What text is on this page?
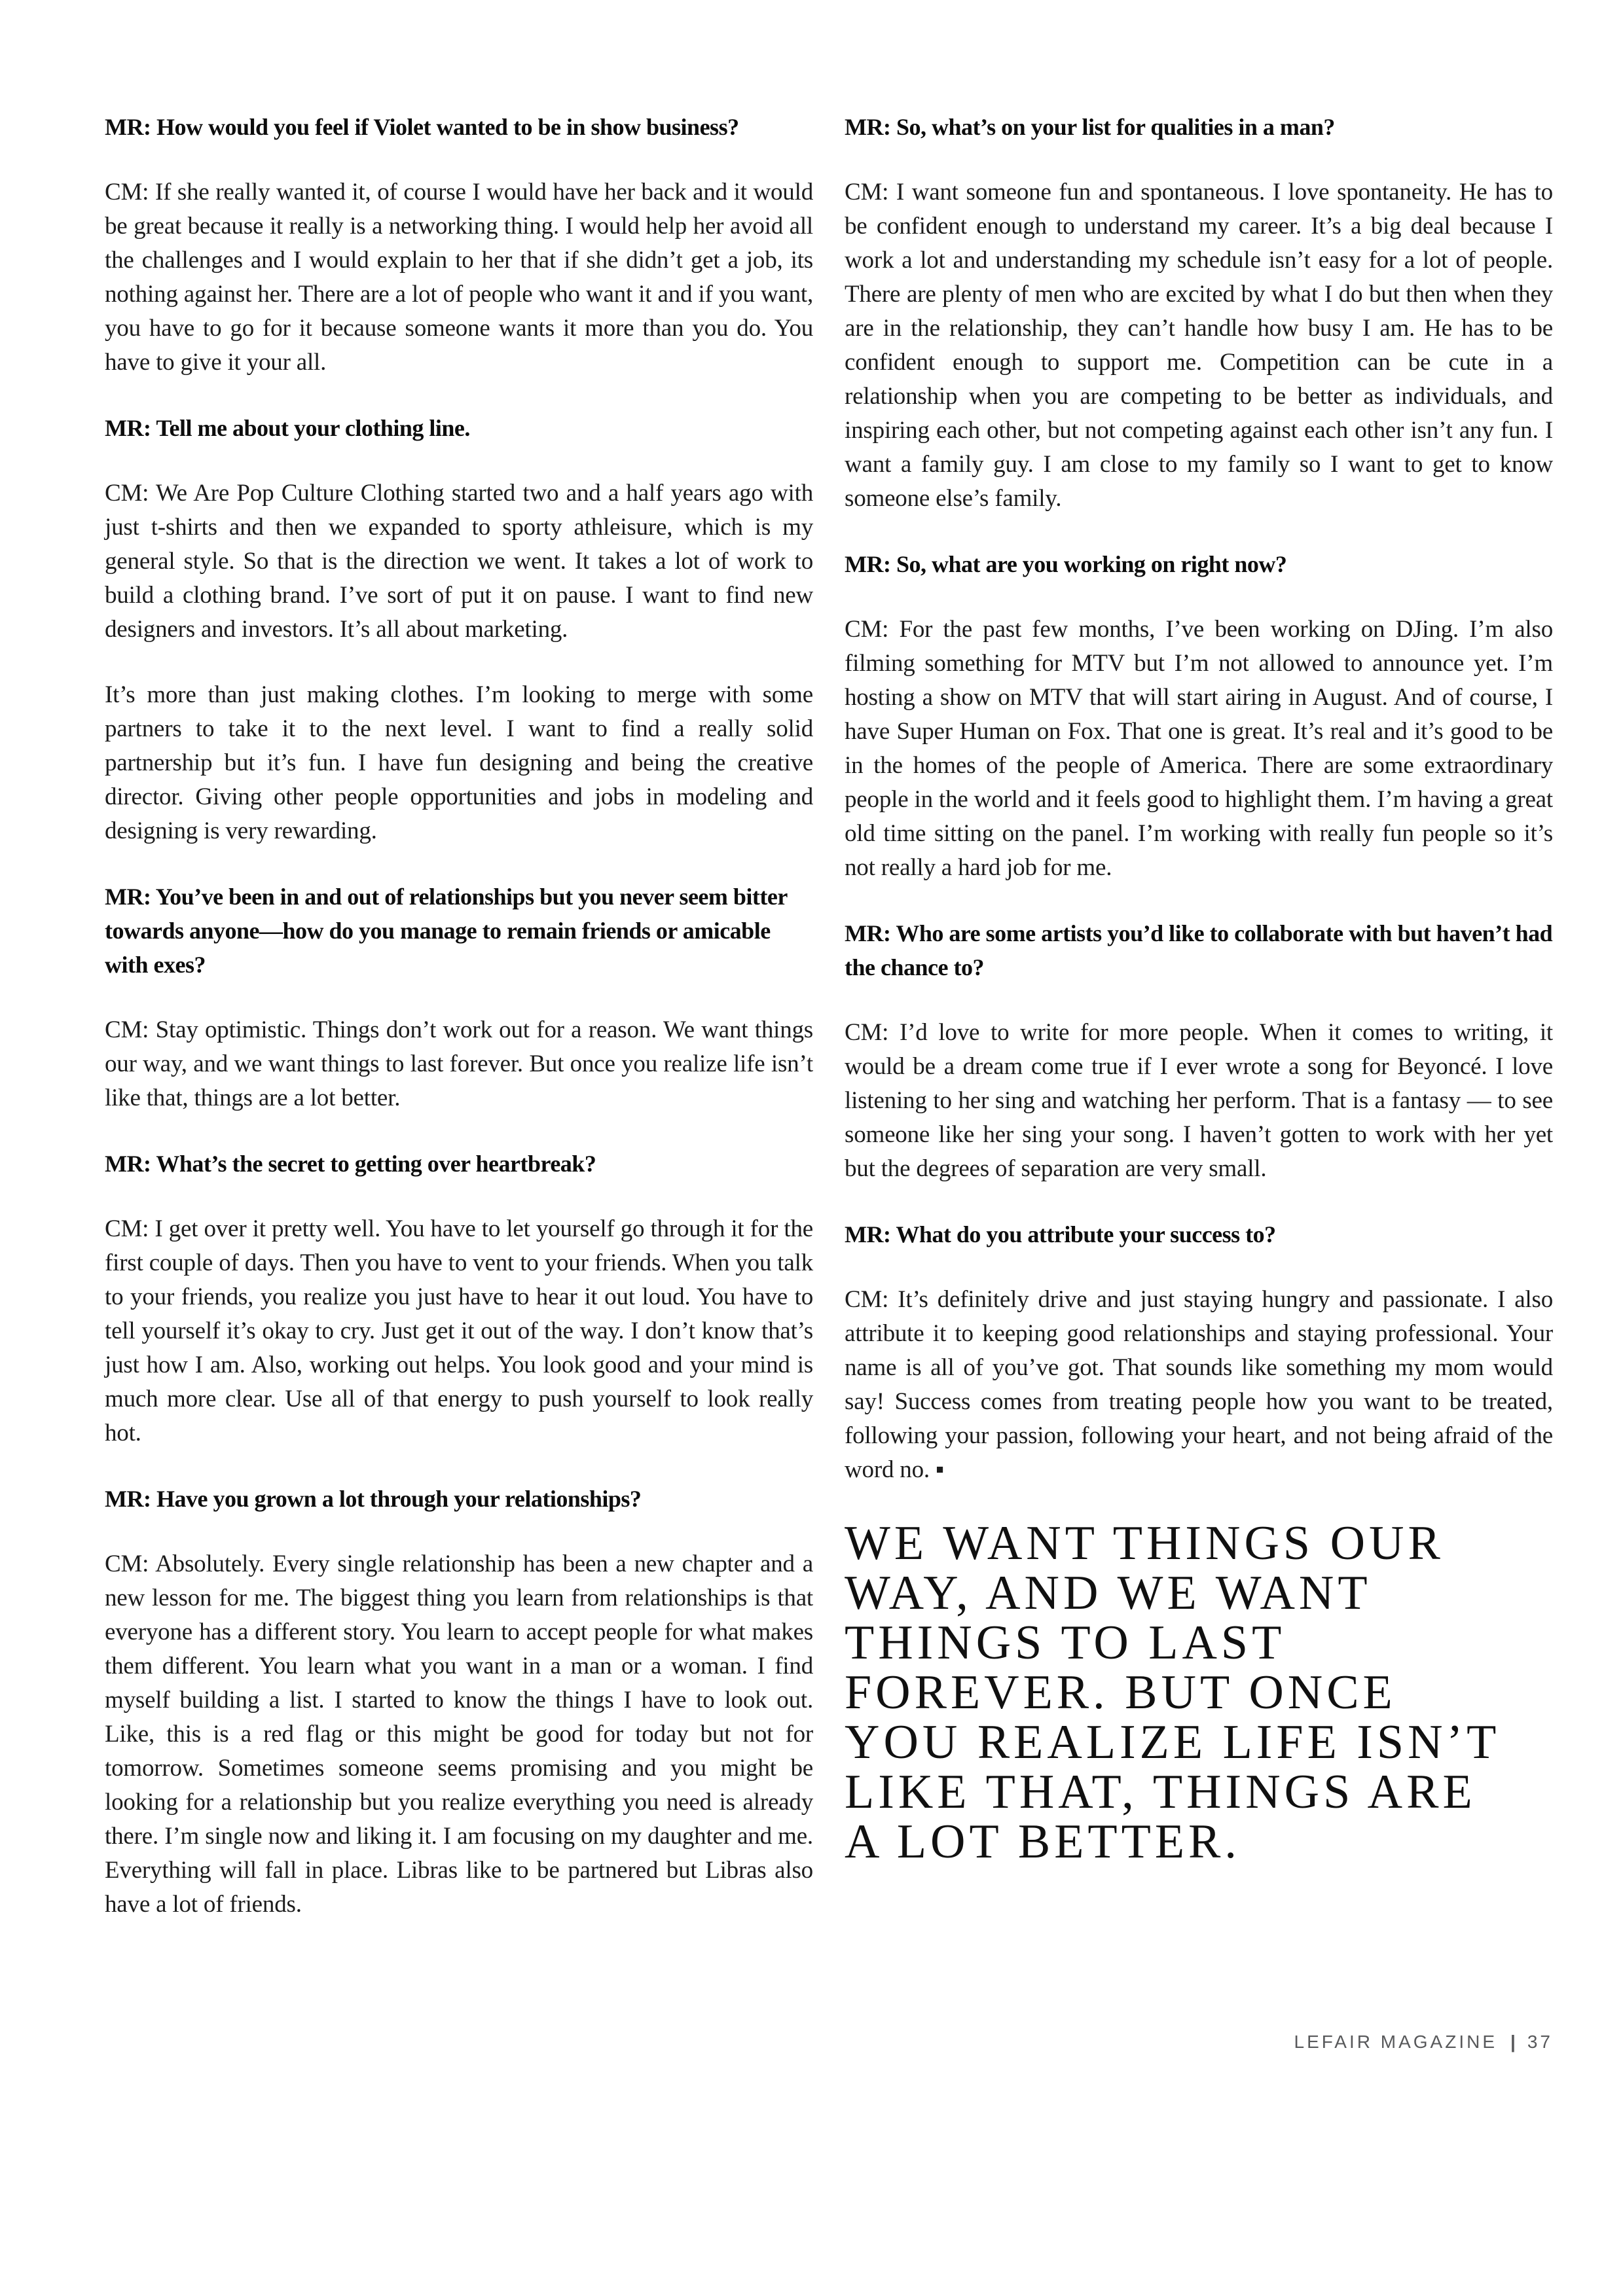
MR: How would you feel if Violet wanted to be in show business?
CM: If she really wanted it, of course I would have her back and it would be great because it really is a networking thing. I would help her avoid all the challenges and I would explain to her that if she didn’t get a job, its nothing against her. There are a lot of people who want it and if you want, you have to go for it because someone wants it more than you do. You have to give it your all.
MR: Tell me about your clothing line.
CM: We Are Pop Culture Clothing started two and a half years ago with just t-shirts and then we expanded to sporty athleisure, which is my general style. So that is the direction we went. It takes a lot of work to build a clothing brand. I’ve sort of put it on pause. I want to find new designers and investors. It’s all about marketing.
It’s more than just making clothes. I’m looking to merge with some partners to take it to the next level. I want to find a really solid partnership but it’s fun. I have fun designing and being the creative director. Giving other people opportunities and jobs in modeling and designing is very rewarding.
MR: You’ve been in and out of relationships but you never seem bitter towards anyone—how do you manage to remain friends or amicable with exes?
CM: Stay optimistic. Things don’t work out for a reason. We want things our way, and we want things to last forever. But once you realize life isn’t like that, things are a lot better.
MR: What’s the secret to getting over heartbreak?
CM: I get over it pretty well. You have to let yourself go through it for the first couple of days. Then you have to vent to your friends. When you talk to your friends, you realize you just have to hear it out loud. You have to tell yourself it’s okay to cry. Just get it out of the way. I don’t know that’s just how I am. Also, working out helps. You look good and your mind is much more clear. Use all of that energy to push yourself to look really hot.
MR: Have you grown a lot through your relationships?
CM: Absolutely. Every single relationship has been a new chapter and a new lesson for me. The biggest thing you learn from relationships is that everyone has a different story. You learn to accept people for what makes them different. You learn what you want in a man or a woman. I find myself building a list. I started to know the things I have to look out. Like, this is a red flag or this might be good for today but not for tomorrow. Sometimes someone seems promising and you might be looking for a relationship but you realize everything you need is already there. I’m single now and liking it. I am focusing on my daughter and me. Everything will fall in place. Libras like to be partnered but Libras also have a lot of friends.
MR: So, what’s on your list for qualities in a man?
CM: I want someone fun and spontaneous. I love spontaneity. He has to be confident enough to understand my career. It’s a big deal because I work a lot and understanding my schedule isn’t easy for a lot of people. There are plenty of men who are excited by what I do but then when they are in the relationship, they can’t handle how busy I am. He has to be confident enough to support me. Competition can be cute in a relationship when you are competing to be better as individuals, and inspiring each other, but not competing against each other isn’t any fun. I want a family guy. I am close to my family so I want to get to know someone else’s family.
MR: So, what are you working on right now?
CM: For the past few months, I’ve been working on DJing. I’m also filming something for MTV but I’m not allowed to announce yet. I’m hosting a show on MTV that will start airing in August. And of course, I have Super Human on Fox. That one is great. It’s real and it’s good to be in the homes of the people of America. There are some extraordinary people in the world and it feels good to highlight them. I’m having a great old time sitting on the panel. I’m working with really fun people so it’s not really a hard job for me.
MR: Who are some artists you’d like to collaborate with but haven’t had the chance to?
CM: I’d love to write for more people. When it comes to writing, it would be a dream come true if I ever wrote a song for Beyoncé. I love listening to her sing and watching her perform. That is a fantasy — to see someone like her sing your song. I haven’t gotten to work with her yet but the degrees of separation are very small.
MR: What do you attribute your success to?
CM: It’s definitely drive and just staying hungry and passionate. I also attribute it to keeping good relationships and staying professional. Your name is all of you’ve got. That sounds like something my mom would say! Success comes from treating people how you want to be treated, following your passion, following your heart, and not being afraid of the word no. ▪
WE WANT THINGS OUR
WAY, AND WE WANT
THINGS TO LAST
FOREVER. BUT ONCE
YOU REALIZE LIFE ISN’T
LIKE THAT, THINGS ARE
A LOT BETTER.
LEFAIR MAGAZINE | 37
